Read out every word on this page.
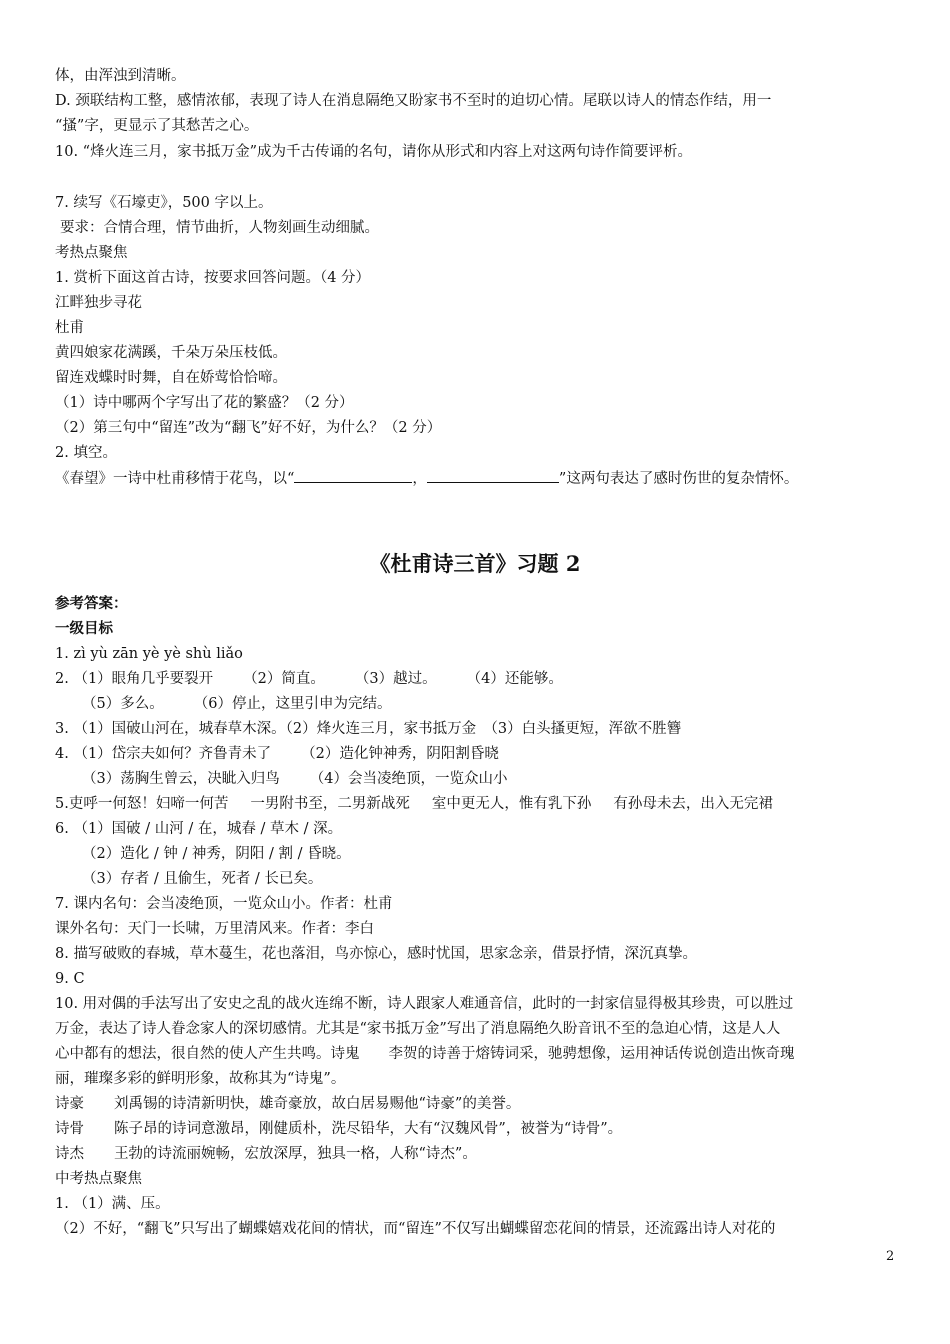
体，由浑浊到清晰。
D. 颈联结构工整，感情浓郁，表现了诗人在消息隔绝又盼家书不至时的迫切心情。尾联以诗人的情态作结，用一
“搔”字，更显示了其愁苦之心。
10. “烽火连三月，家书抵万金”成为千古传诵的名句，请你从形式和内容上对这两句诗作简要评析。
7. 续写《石壕吏》，500 字以上。
要求：合情合理，情节曲折，人物刻画生动细腻。
考热点聚焦
1. 赏析下面这首古诗，按要求回答问题。（4 分）
江畔独步寻花
杜甫
黄四娘家花满蹊，千朵万朵压枝低。
留连戏蝶时时舞，自在娇莺恰恰啼。
（1）诗中哪两个字写出了花的繁盛？（2 分）
（2）第三句中“留连”改为“翻飞”好不好，为什么？（2 分）
2. 填空。
《春望》一诗中杜甫移情于花鸟，以“	，	”这两句表达了感时伤世的复杂情怀。
《杜甫诗三首》习题 2
参考答案：
一级目标
1. zì yù zān yè yè shù liǎo
2. （1）眼角几乎要裂开 （2）简直。 （3）越过。 （4）还能够。
（5）多么。 （6）停止，这里引申为完结。
3. （1）国破山河在，城春草木深。（2）烽火连三月，家书抵万金　（3）白头搔更短，浑欲不胜簪
4. （1）岱宗夫如何？齐鲁青未了 （2）造化钟神秀，阴阳割昏晓
（3）荡胸生曾云，决眦入归鸟 （4）会当凌绝顶，一览众山小
5.吏呼一何怒！妇啼一何苦 一男附书至，二男新战死 室中更无人，惟有乳下孙 有孙母未去，出入无完裙
6. （1）国破 / 山河 / 在，城春 / 草木 / 深。
（2）造化 / 钟 / 神秀，阴阳 / 割 / 昏晓。
（3）存者 / 且偷生，死者 / 长已矣。
7. 课内名句：会当凌绝顶，一览众山小。作者：杜甫
课外名句：天门一长啸，万里清风来。作者：李白
8. 描写破败的春城，草木蔓生，花也落泪，鸟亦惊心，感时忧国，思家念亲，借景抒情，深沉真挚。
9. C
10. 用对偶的手法写出了安史之乱的战火连绵不断，诗人跟家人难通音信，此时的一封家信显得极其珍贵，可以胜过
万金，表达了诗人眷念家人的深切感情。尤其是“家书抵万金”写出了消息隔绝久盼音讯不至的急迫心情，这是人人
心中都有的想法，很自然的使人产生共鸣。诗鬼　　李贺的诗善于熔铸词采，驰骋想像，运用神话传说创造出恢奇瑰
丽，璀璨多彩的鲜明形象，故称其为“诗鬼”。
诗豪 刘禹锡的诗清新明快，雄奇豪放，故白居易赐他“诗豪”的美誉。
诗骨 陈子昂的诗词意激昂，刚健质朴，洗尽铅华，大有“汉魏风骨”，被誉为“诗骨”。
诗杰 王勃的诗流丽婉畅，宏放深厚，独具一格，人称“诗杰”。
中考热点聚焦
1. （1）满、压。
（2）不好，“翻飞”只写出了蝴蝶嬉戏花间的情状，而“留连”不仅写出蝴蝶留恋花间的情景，还流露出诗人对花的
2
